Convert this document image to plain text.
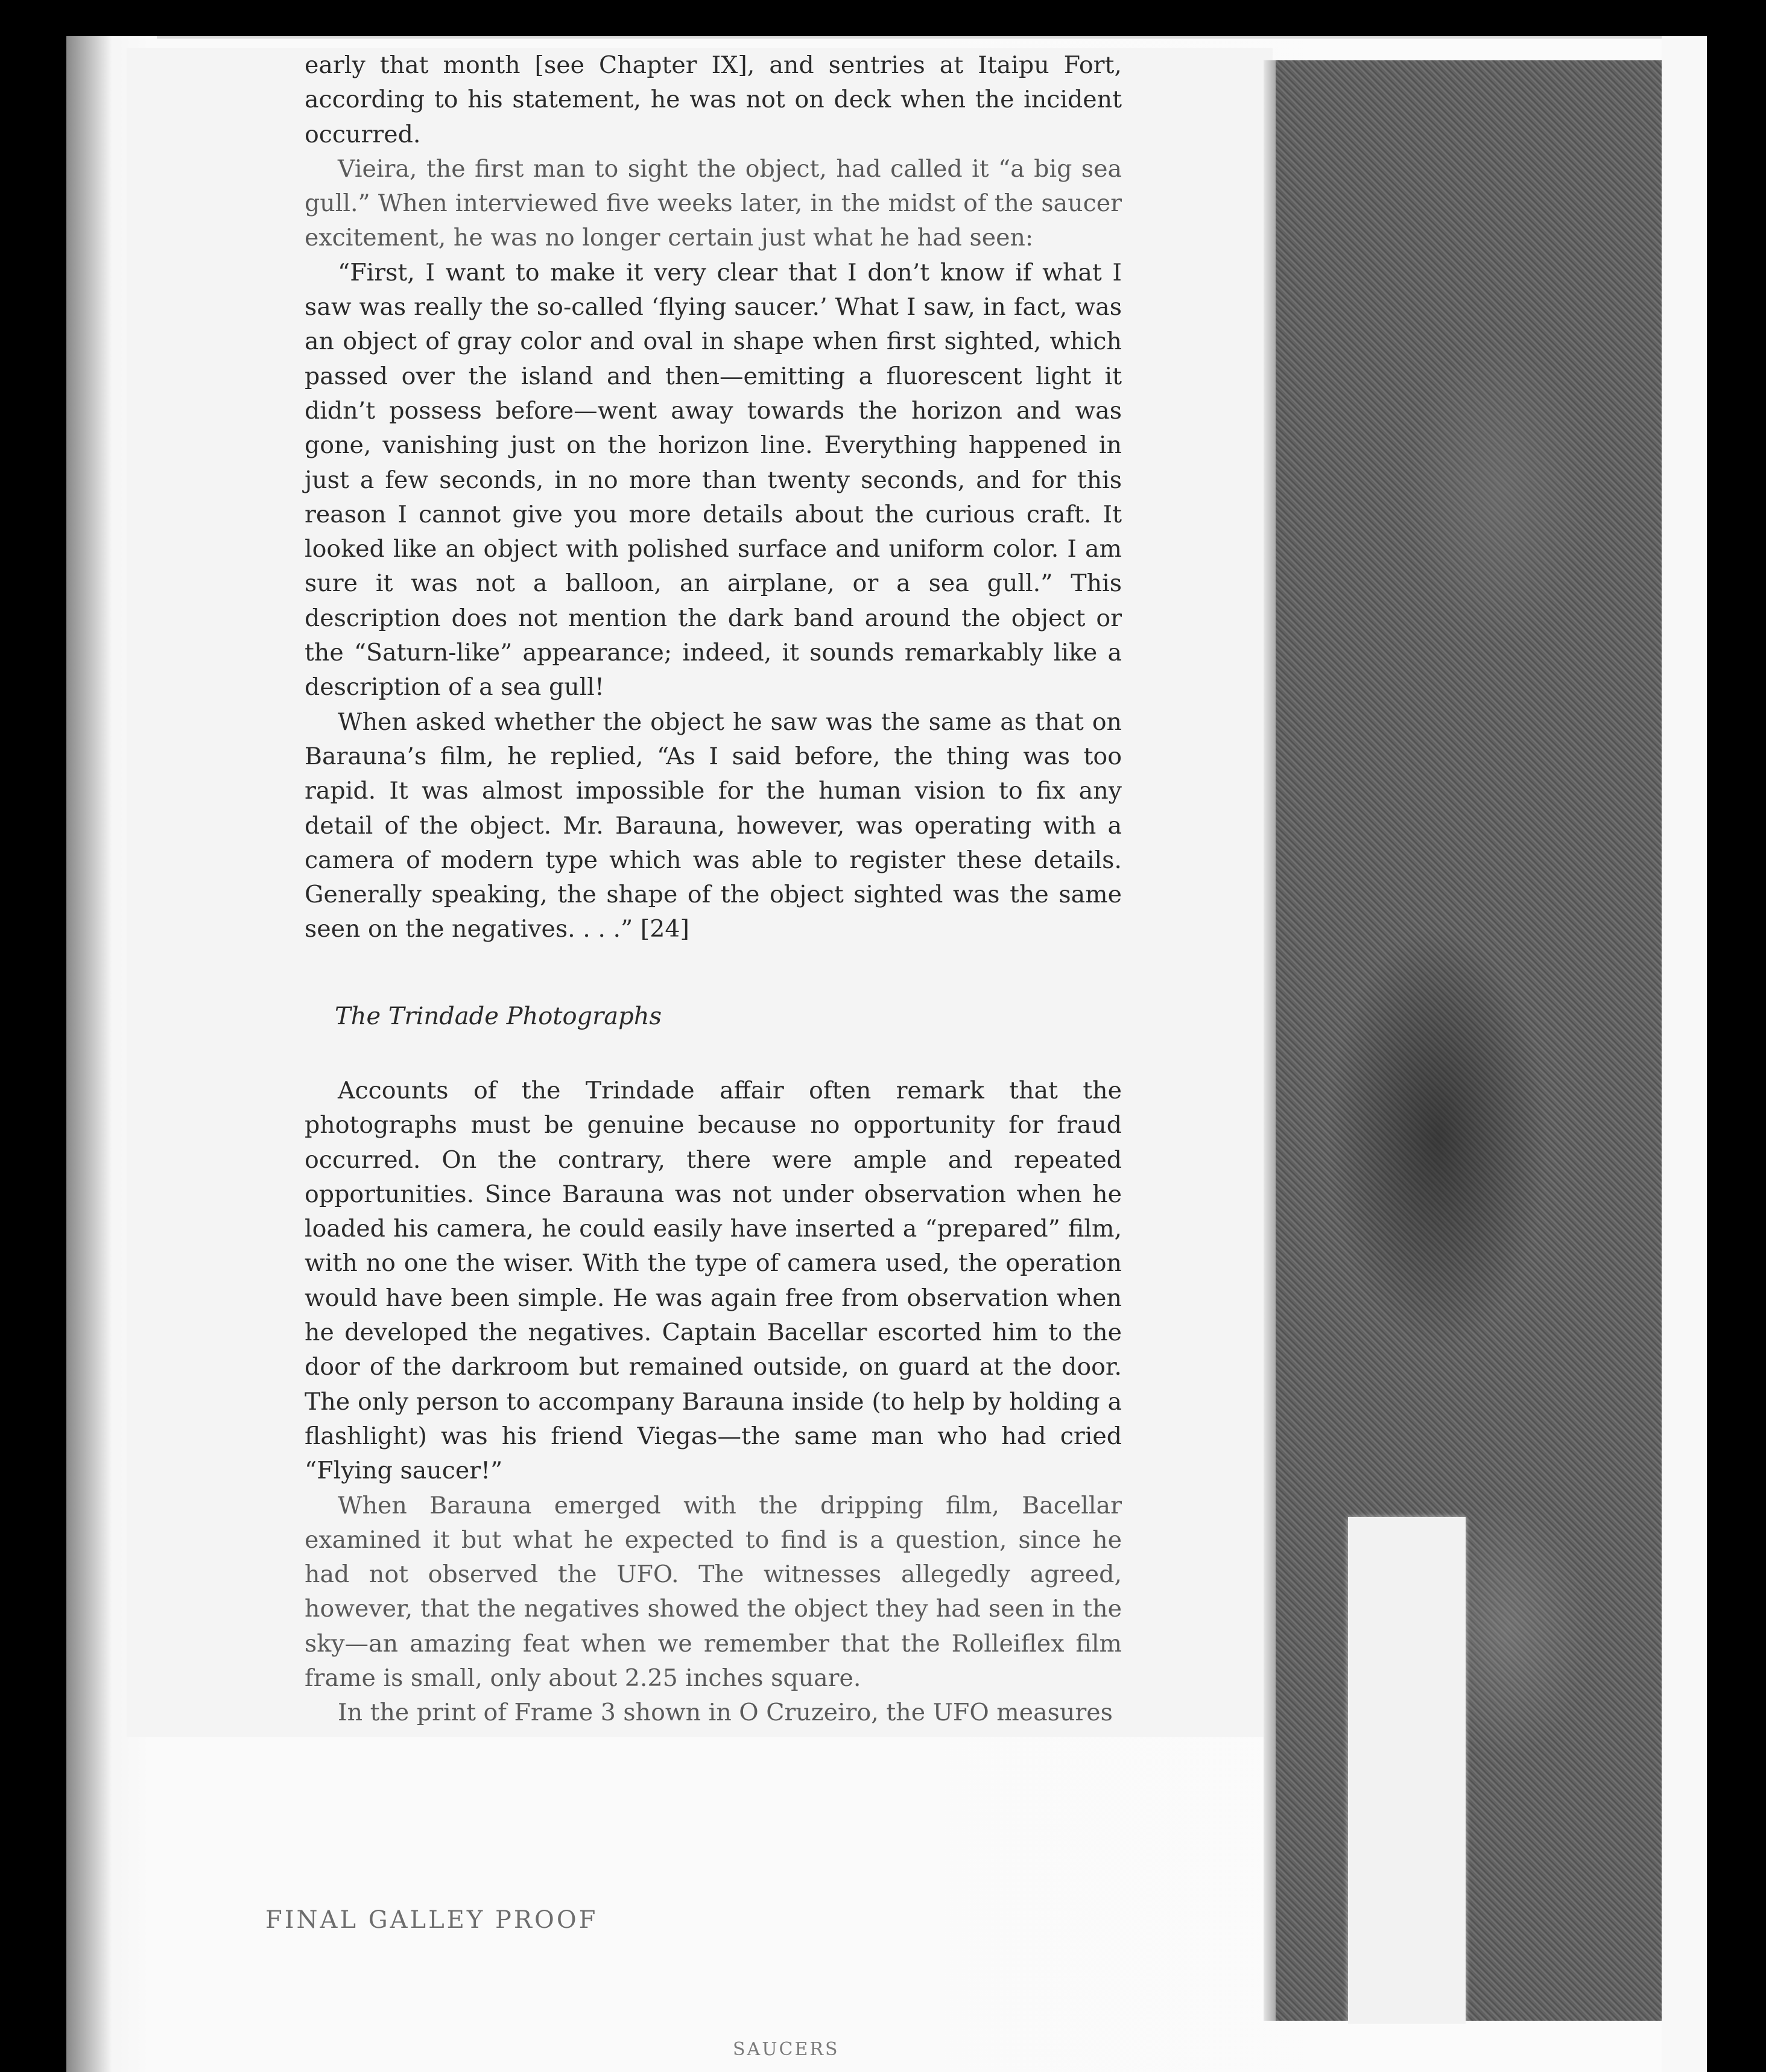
early that month [see Chapter IX], and sentries at Itaipu Fort, according to his statement, he was not on deck when the incident occurred.

Vieira, the first man to sight the object, had called it “a big sea gull.” When interviewed five weeks later, in the midst of the saucer excitement, he was no longer certain just what he had seen:

“First, I want to make it very clear that I don’t know if what I saw was really the so-called ‘flying saucer.’ What I saw, in fact, was an object of gray color and oval in shape when first sighted, which passed over the island and then—emitting a fluorescent light it didn’t possess before—went away towards the horizon and was gone, vanishing just on the horizon line. Everything happened in just a few seconds, in no more than twenty seconds, and for this reason I cannot give you more details about the curious craft. It looked like an object with polished surface and uniform color. I am sure it was not a balloon, an airplane, or a sea gull.” This description does not mention the dark band around the object or the “Saturn-like” appearance; indeed, it sounds remarkably like a description of a sea gull!

When asked whether the object he saw was the same as that on Barauna’s film, he replied, “As I said before, the thing was too rapid. It was almost impossible for the human vision to fix any detail of the object. Mr. Barauna, however, was operating with a camera of modern type which was able to register these details. Generally speaking, the shape of the object sighted was the same seen on the negatives. . . .” [24]

The Trindade Photographs

Accounts of the Trindade affair often remark that the photographs must be genuine because no opportunity for fraud occurred. On the contrary, there were ample and repeated opportunities. Since Barauna was not under observation when he loaded his camera, he could easily have inserted a “prepared” film, with no one the wiser. With the type of camera used, the operation would have been simple. He was again free from observation when he developed the negatives. Captain Bacellar escorted him to the door of the darkroom but remained outside, on guard at the door. The only person to accompany Barauna inside (to help by holding a flashlight) was his friend Viegas—the same man who had cried “Flying saucer!”

When Barauna emerged with the dripping film, Bacellar examined it but what he expected to find is a question, since he had not observed the UFO. The witnesses allegedly agreed, however, that the negatives showed the object they had seen in the sky—an amazing feat when we remember that the Rolleiflex film frame is small, only about 2.25 inches square.

In the print of Frame 3 shown in O Cruzeiro, the UFO measures

FINAL GALLEY PROOF
SAUCERS
